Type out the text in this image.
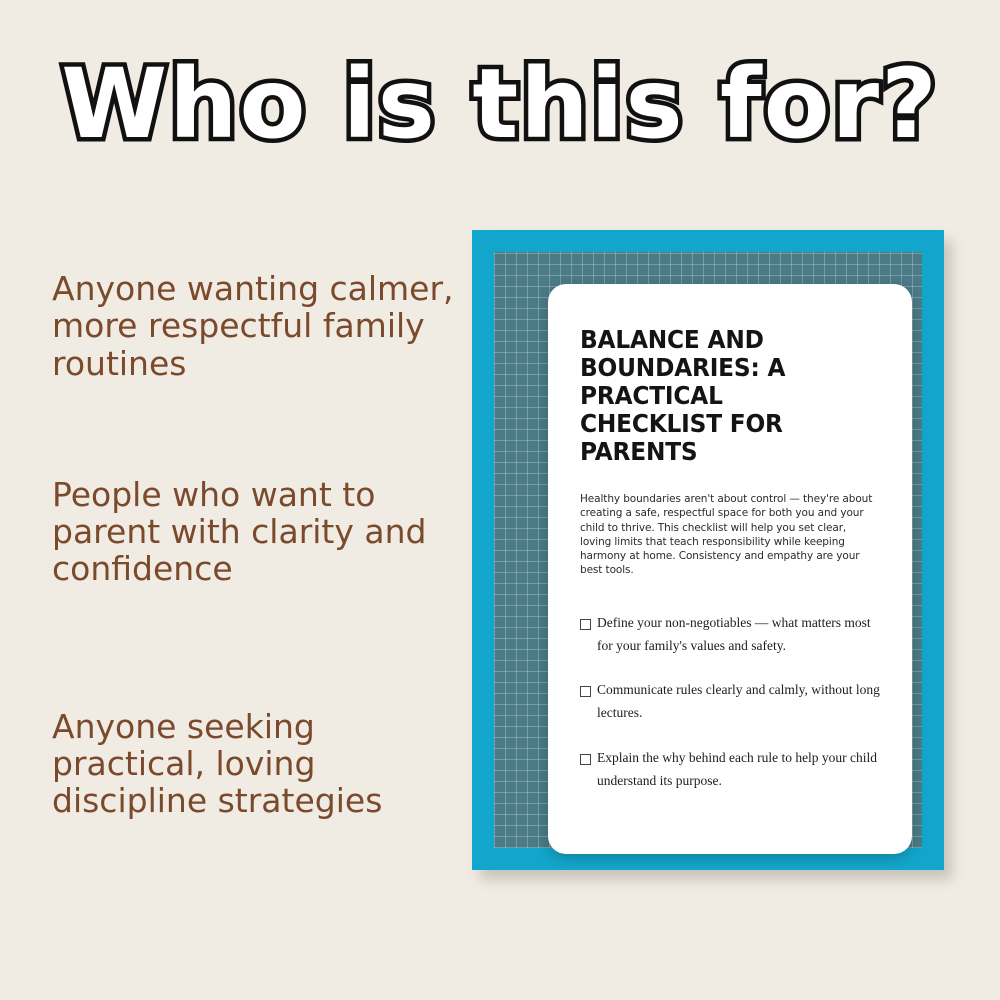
Who is this for?
Anyone wanting calmer, more respectful family routines
People who want to parent with clarity and confidence
Anyone seeking practical, loving discipline strategies
BALANCE AND BOUNDARIES: A PRACTICAL CHECKLIST FOR PARENTS
Healthy boundaries aren't about control — they're about creating a safe, respectful space for both you and your child to thrive. This checklist will help you set clear, loving limits that teach responsibility while keeping harmony at home. Consistency and empathy are your best tools.
Define your non-negotiables — what matters most for your family's values and safety.
Communicate rules clearly and calmly, without long lectures.
Explain the why behind each rule to help your child understand its purpose.
